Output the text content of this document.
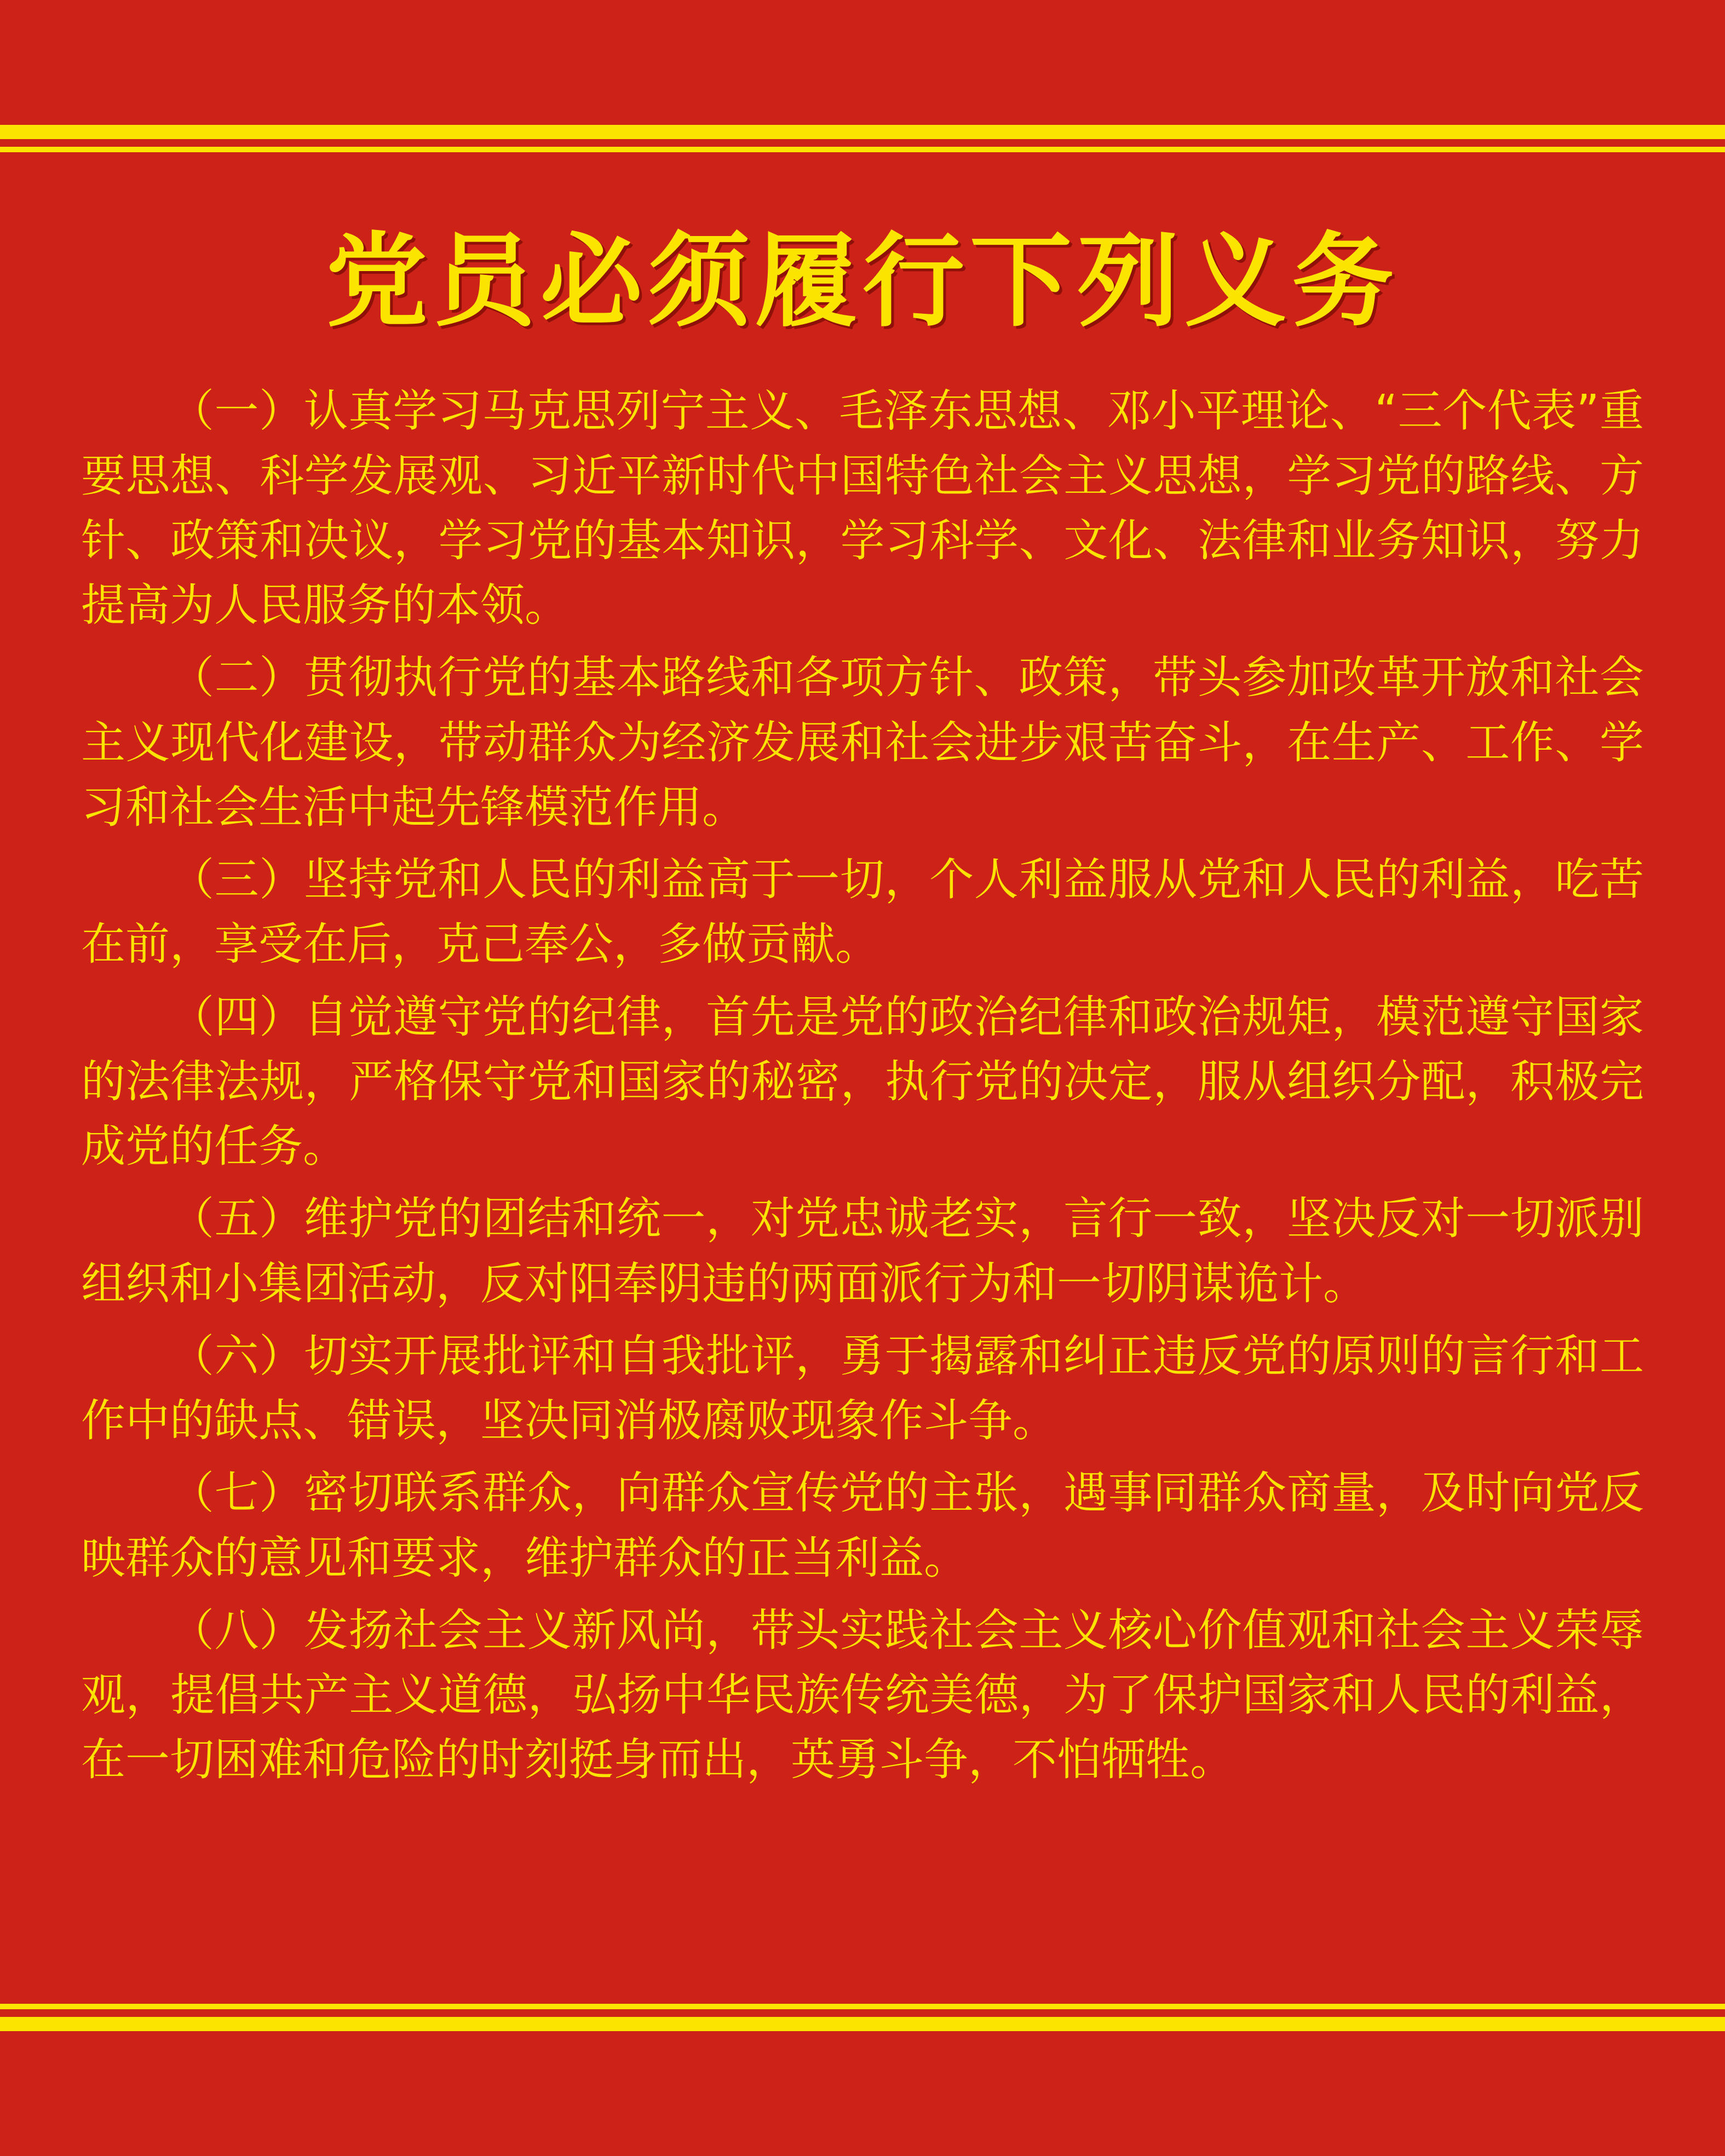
党员必须履行下列义务

（一）认真学习马克思列宁主义、毛泽东思想、邓小平理论、“三个代表”重要思想、科学发展观、习近平新时代中国特色社会主义思想，学习党的路线、方针、政策和决议，学习党的基本知识，学习科学、文化、法律和业务知识，努力提高为人民服务的本领。

（二）贯彻执行党的基本路线和各项方针、政策，带头参加改革开放和社会主义现代化建设，带动群众为经济发展和社会进步艰苦奋斗，在生产、工作、学习和社会生活中起先锋模范作用。

（三）坚持党和人民的利益高于一切，个人利益服从党和人民的利益，吃苦在前，享受在后，克己奉公，多做贡献。

（四）自觉遵守党的纪律，首先是党的政治纪律和政治规矩，模范遵守国家的法律法规，严格保守党和国家的秘密，执行党的决定，服从组织分配，积极完成党的任务。

（五）维护党的团结和统一，对党忠诚老实，言行一致，坚决反对一切派别组织和小集团活动，反对阳奉阴违的两面派行为和一切阴谋诡计。

（六）切实开展批评和自我批评，勇于揭露和纠正违反党的原则的言行和工作中的缺点、错误，坚决同消极腐败现象作斗争。

（七）密切联系群众，向群众宣传党的主张，遇事同群众商量，及时向党反映群众的意见和要求，维护群众的正当利益。

（八）发扬社会主义新风尚，带头实践社会主义核心价值观和社会主义荣辱观，提倡共产主义道德，弘扬中华民族传统美德，为了保护国家和人民的利益，在一切困难和危险的时刻挺身而出，英勇斗争，不怕牺牲。
